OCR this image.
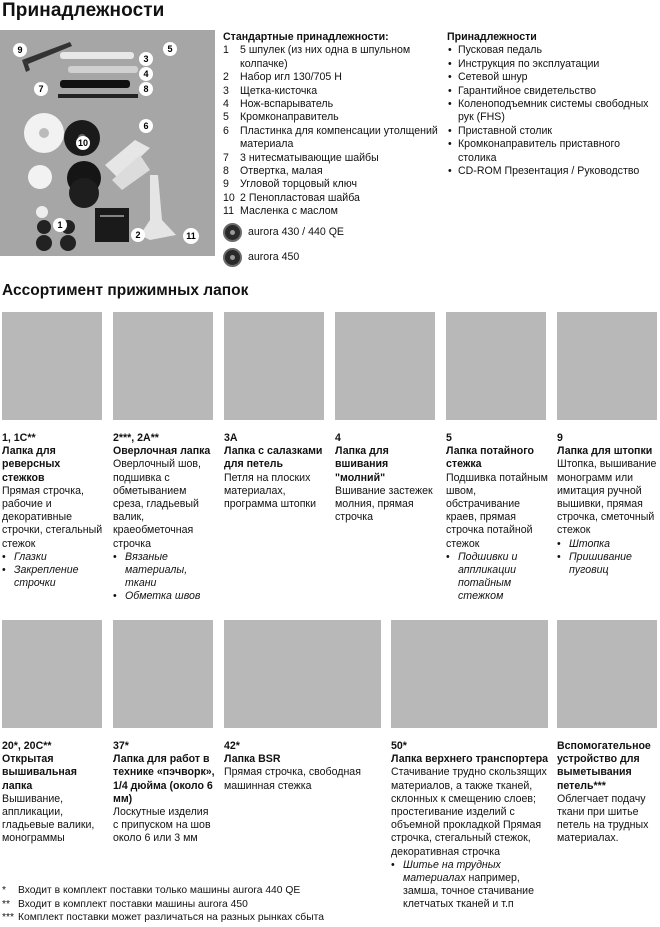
Принадлежности
9
3
5
4
7	8
6
10
1
2	11
Стандартные принадлежности:
1	5 шпулек (из них одна в шпульном колпачке)
2	Набор игл 130/705 H
3	Щетка-кисточка
4	Нож-вспарыватель
5	Кромконаправитель
6	Пластинка для компенсации утолщений материала
7	3 нитесматывающие шайбы
8	Отвертка, малая
9	Угловой торцовый ключ
10 2 Пенопластовая шайба
11 Масленка с маслом
aurora 430 / 440 QE
aurora 450
Принадлежности
• Пусковая педаль
• Инструкция по эксплуатации
• Сетевой шнур
• Гарантийное свидетельство
• Коленоподъемник системы свободных рук (FHS)
• Приставной столик
• Кромконаправитель приставного столика
• CD-ROM Презентация / Руководство
Ассортимент прижимных лапок
1, 1C**
Лапка для реверсных стежков
Прямая строчка, рабочие и декоративные строчки, стегальный стежок
• Глазки
• Закрепление строчки
2***, 2A**
Оверлочная лапка
Оверлочный шов, подшивка с обметыванием среза, гладьевый валик, краеобметочная строчка
• Вязаные материалы, ткани
• Обметка швов
3A
Лапка с салазками для петель
Петля на плоских материалах, программа штопки
4
Лапка для вшивания "молний"
Вшивание застежек молния, прямая строчка
5
Лапка потайного стежка
Подшивка потайным швом, обстрачивание краев, прямая строчка потайной стежок
• Подшивки и аппликации потайным стежком
9
Лапка для штопки
Штопка, вышивание монограмм или имитация ручной вышивки, прямая строчка, сметочный стежок
• Штопка
• Пришивание пуговиц
20*, 20C**
Открытая вышивальная лапка
Вышивание, аппликации, гладьевые валики, монограммы
37*
Лапка для работ в технике «пэчворк», 1/4 дюйма (около 6 мм)
Лоскутные изделия с припуском на шов около 6 или 3 мм
42*
Лапка BSR
Прямая строчка, свободная машинная стежка
50*
Лапка верхнего транспортера
Стачивание трудно скользящих материалов, а также тканей, склонных к смещению слоев; простегивание изделий с объемной прокладкой Прямая строчка, стегальный стежок, декоративная строчка
• Шитье на трудных материалах например, замша, точное стачивание клетчатых тканей и т.п
Вспомогательное устройство для выметывания петель***
Облегчает подачу ткани при шитье петель на трудных материалах.
*	Входит в комплект поставки только машины aurora 440 QE
** Входит в комплект поставки машины aurora 450
*** Комплект поставки может различаться на разных рынках сбыта
